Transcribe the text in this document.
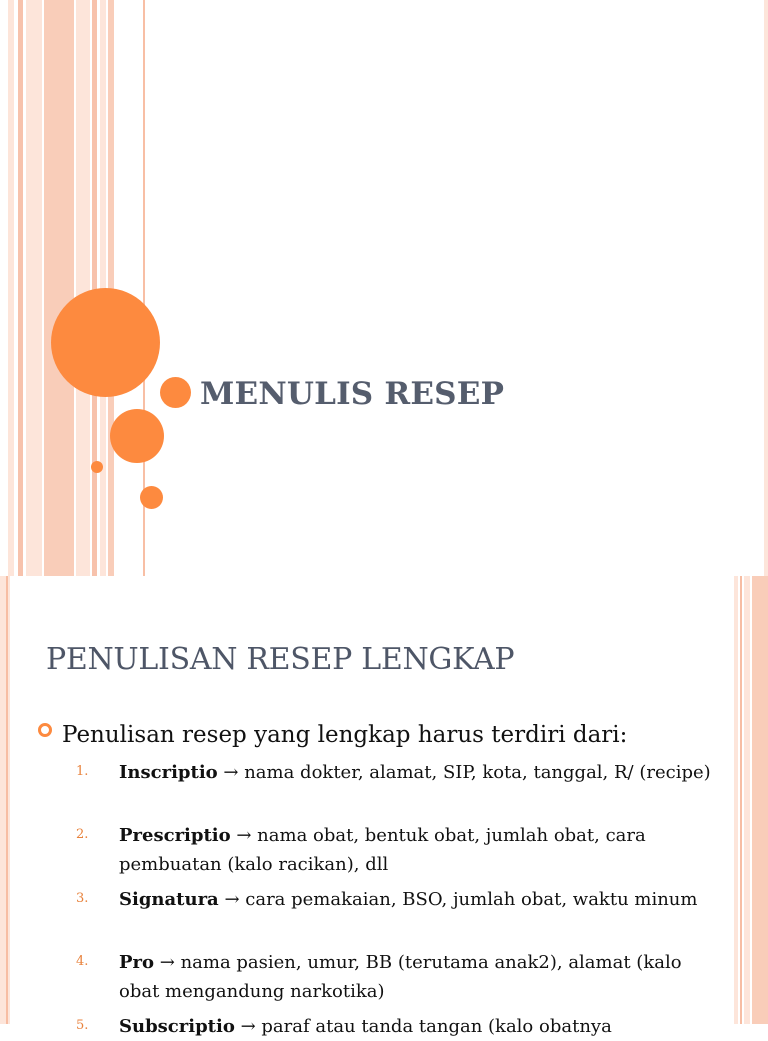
MENULIS RESEP
PENULISAN RESEP LENGKAP
Penulisan resep yang lengkap harus terdiri dari:
1. Inscriptio → nama dokter, alamat, SIP, kota, tanggal, R/ (recipe)
2. Prescriptio → nama obat, bentuk obat, jumlah obat, cara pembuatan (kalo racikan), dll
3. Signatura → cara pemakaian, BSO, jumlah obat, waktu minum
4. Pro → nama pasien, umur, BB (terutama anak2), alamat (kalo obat mengandung narkotika)
5. Subscriptio → paraf atau tanda tangan (kalo obatnya
